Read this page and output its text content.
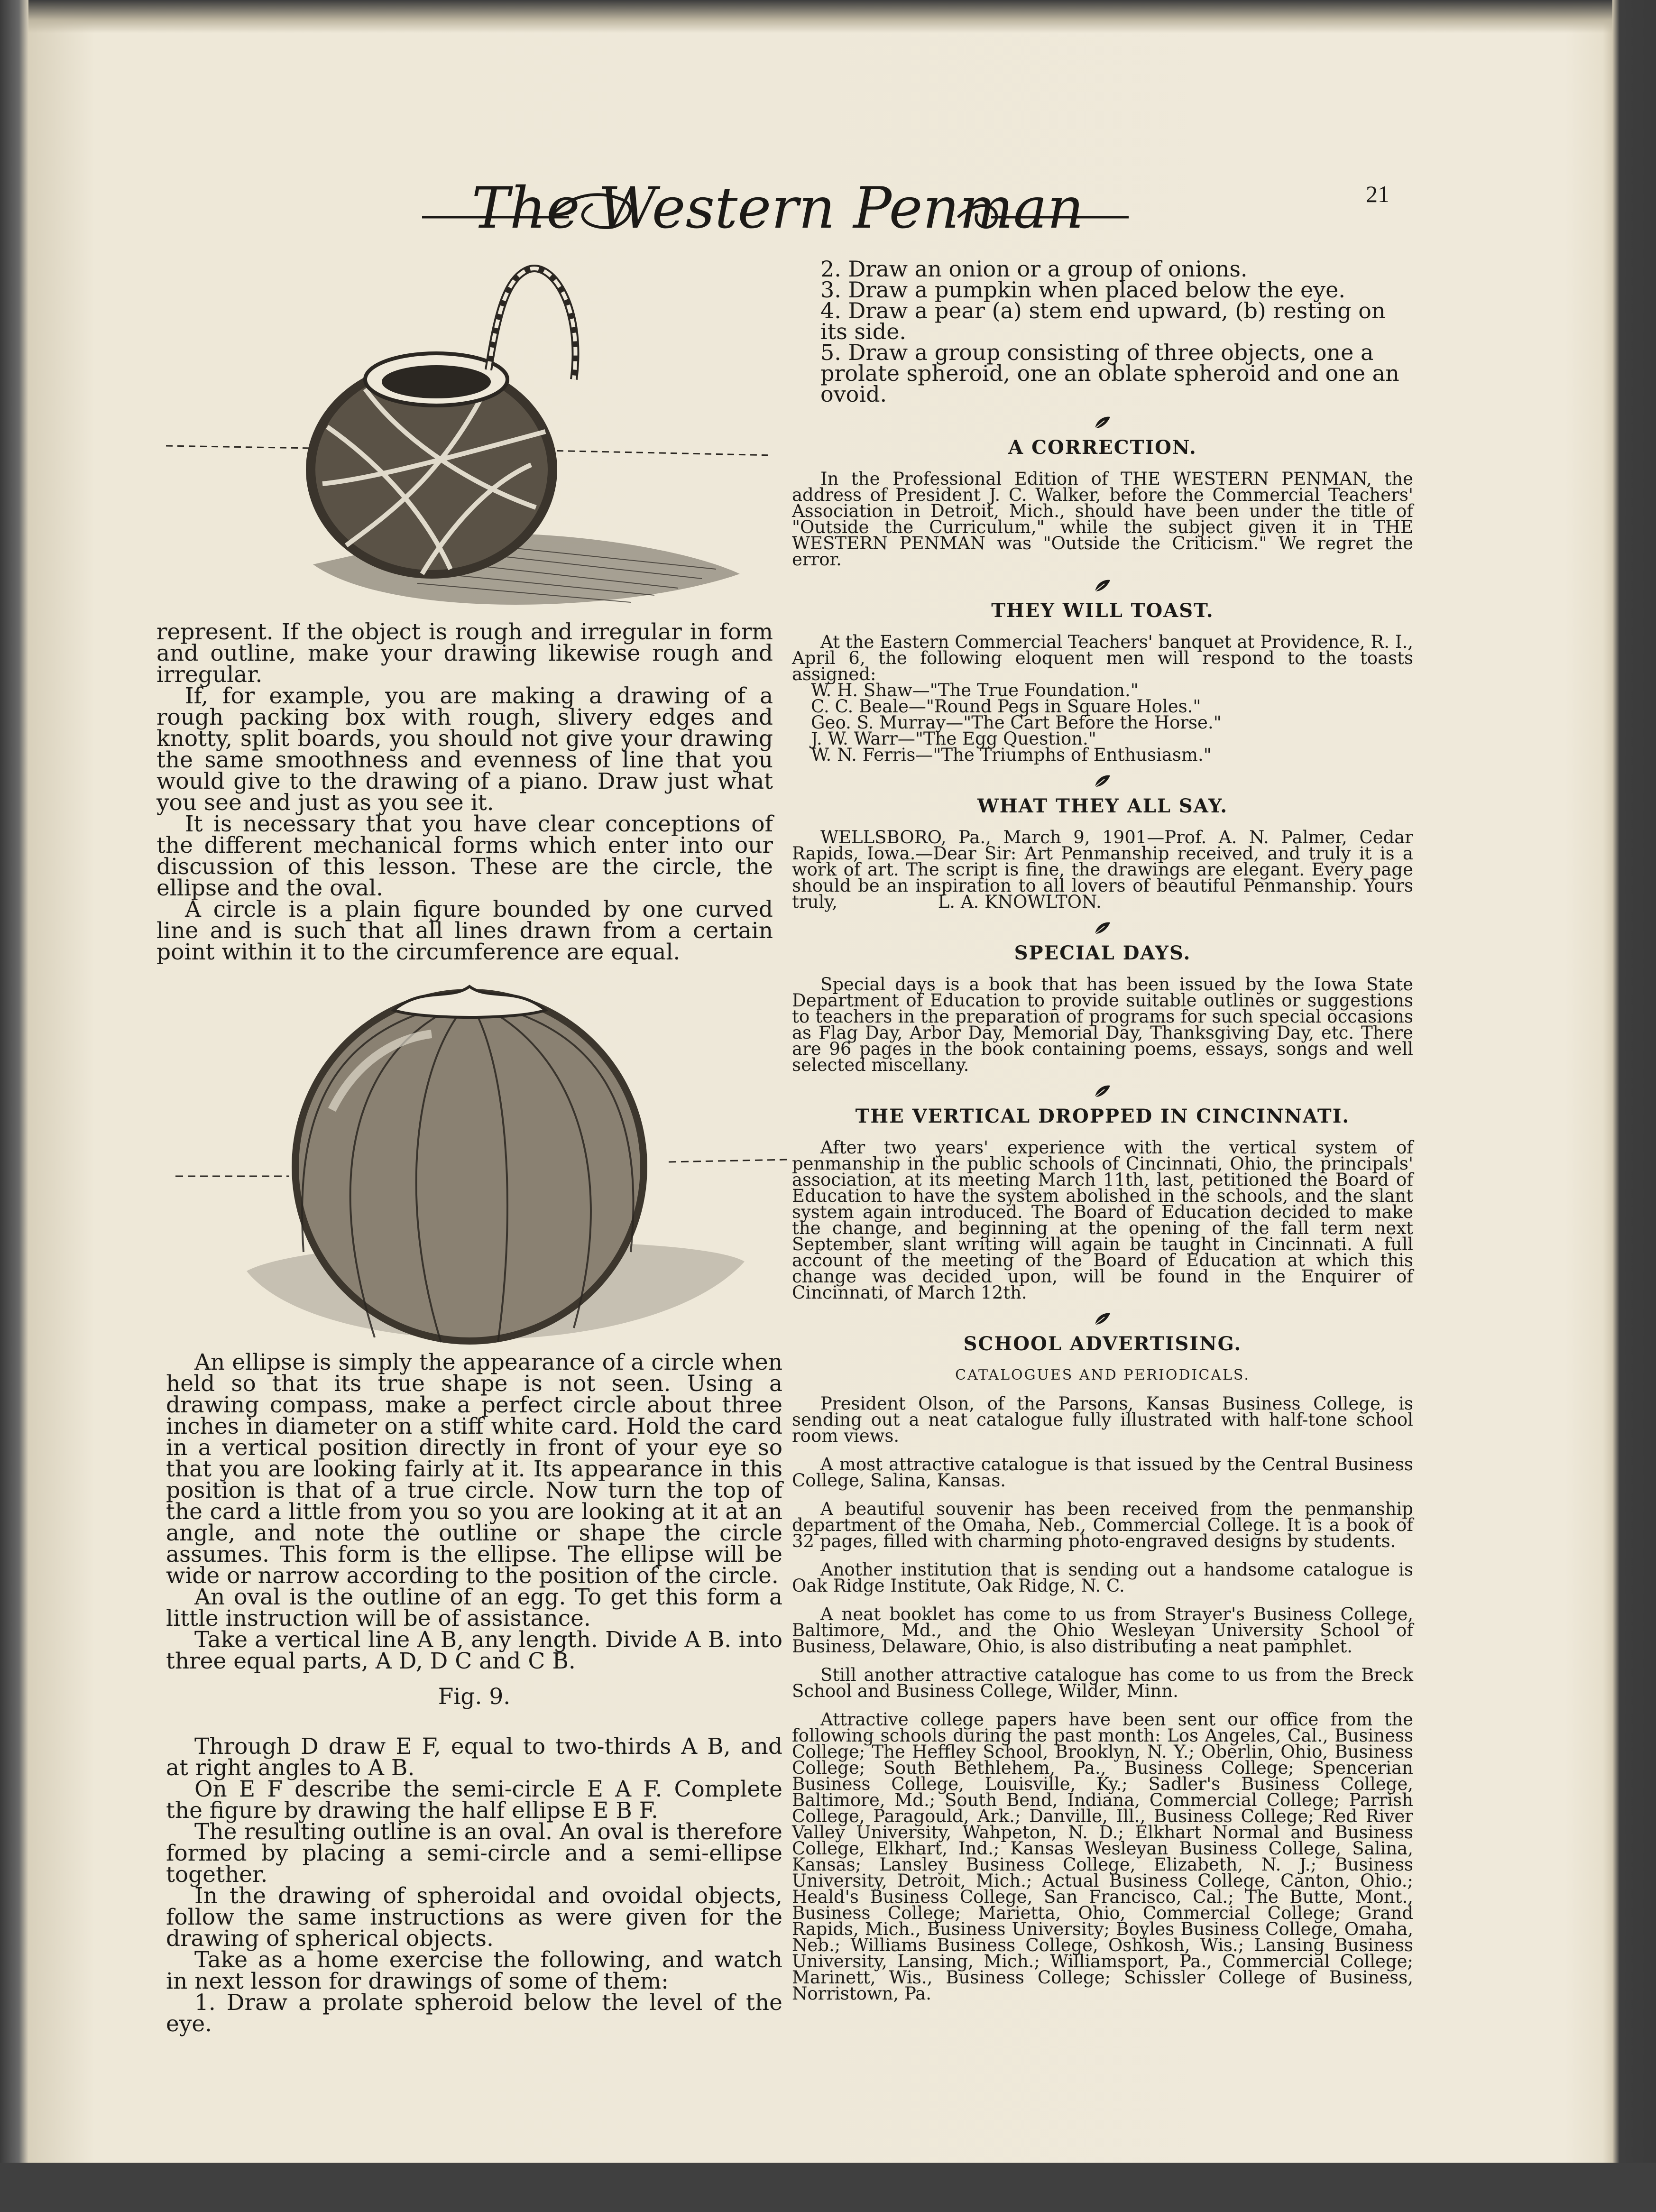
The Western Penman	21

represent. If the object is rough and irregular in form and outline, make your drawing likewise rough and irregular.

If, for example, you are making a drawing of a rough packing box with rough, slivery edges and knotty, split boards, you should not give your drawing the same smoothness and evenness of line that you would give to the drawing of a piano. Draw just what you see and just as you see it.

It is necessary that you have clear conceptions of the different mechanical forms which enter into our discussion of this lesson. These are the circle, the ellipse and the oval.

A circle is a plain figure bounded by one curved line and is such that all lines drawn from a certain point within it to the circumference are equal.

An ellipse is simply the appearance of a circle when held so that its true shape is not seen. Using a drawing compass, make a perfect circle about three inches in diameter on a stiff white card. Hold the card in a vertical position directly in front of your eye so that you are looking fairly at it. Its appearance in this position is that of a true circle. Now turn the top of the card a little from you so you are looking at it at an angle, and note the outline or shape the circle assumes. This form is the ellipse. The ellipse will be wide or narrow according to the position of the circle.

An oval is the outline of an egg. To get this form a little instruction will be of assistance.

Take a vertical line A B, any length. Divide A B. into three equal parts, A D, D C and C B.

Fig. 9.

Through D draw E F, equal to two-thirds A B, and at right angles to A B.

On E F describe the semi-circle E A F. Complete the figure by drawing the half ellipse E B F.

The resulting outline is an oval. An oval is therefore formed by placing a semi-circle and a semi-ellipse together.

In the drawing of spheroidal and ovoidal objects, follow the same instructions as were given for the drawing of spherical objects.

Take as a home exercise the following, and watch in next lesson for drawings of some of them:

1. Draw a prolate spheroid below the level of the eye.

2. Draw an onion or a group of onions.

3. Draw a pumpkin when placed below the eye.

4. Draw a pear (a) stem end upward, (b) resting on its side.

5. Draw a group consisting of three objects, one a prolate spheroid, one an oblate spheroid and one an ovoid.

A CORRECTION.

In the Professional Edition of THE WESTERN PENMAN, the address of President J. C. Walker, before the Commercial Teachers' Association in Detroit, Mich., should have been under the title of "Outside the Curriculum," while the subject given it in THE WESTERN PENMAN was "Outside the Criticism." We regret the error.

THEY WILL TOAST.

At the Eastern Commercial Teachers' banquet at Providence, R. I., April 6, the following eloquent men will respond to the toasts assigned:

W. H. Shaw—"The True Foundation."

C. C. Beale—"Round Pegs in Square Holes."

Geo. S. Murray—"The Cart Before the Horse."

J. W. Warr—"The Egg Question."

W. N. Ferris—"The Triumphs of Enthusiasm."

WHAT THEY ALL SAY.

WELLSBORO, Pa., March 9, 1901—Prof. A. N. Palmer, Cedar Rapids, Iowa.—Dear Sir: Art Penmanship received, and truly it is a work of art. The script is fine, the drawings are elegant. Every page should be an inspiration to all lovers of beautiful Penmanship. Yours truly,	L. A. KNOWLTON.

SPECIAL DAYS.

Special days is a book that has been issued by the Iowa State Department of Education to provide suitable outlines or suggestions to teachers in the preparation of programs for such special occasions as Flag Day, Arbor Day, Memorial Day, Thanksgiving Day, etc. There are 96 pages in the book containing poems, essays, songs and well selected miscellany.

THE VERTICAL DROPPED IN CINCINNATI.

After two years' experience with the vertical system of penmanship in the public schools of Cincinnati, Ohio, the principals' association, at its meeting March 11th, last, petitioned the Board of Education to have the system abolished in the schools, and the slant system again introduced. The Board of Education decided to make the change, and beginning at the opening of the fall term next September, slant writing will again be taught in Cincinnati. A full account of the meeting of the Board of Education at which this change was decided upon, will be found in the Enquirer of Cincinnati, of March 12th.

SCHOOL ADVERTISING.

CATALOGUES AND PERIODICALS.

President Olson, of the Parsons, Kansas Business College, is sending out a neat catalogue fully illustrated with half-tone school room views.

A most attractive catalogue is that issued by the Central Business College, Salina, Kansas.

A beautiful souvenir has been received from the penmanship department of the Omaha, Neb., Commercial College. It is a book of 32 pages, filled with charming photo-engraved designs by students.

Another institution that is sending out a handsome catalogue is Oak Ridge Institute, Oak Ridge, N. C.

A neat booklet has come to us from Strayer's Business College, Baltimore, Md., and the Ohio Wesleyan University School of Business, Delaware, Ohio, is also distributing a neat pamphlet.

Still another attractive catalogue has come to us from the Breck School and Business College, Wilder, Minn.

Attractive college papers have been sent our office from the following schools during the past month: Los Angeles, Cal., Business College; The Heffley School, Brooklyn, N. Y.; Oberlin, Ohio, Business College; South Bethlehem, Pa., Business College; Spencerian Business College, Louisville, Ky.; Sadler's Business College, Baltimore, Md.; South Bend, Indiana, Commercial College; Parrish College, Paragould, Ark.; Danville, Ill., Business College; Red River Valley University, Wahpeton, N. D.; Elkhart Normal and Business College, Elkhart, Ind.; Kansas Wesleyan Business College, Salina, Kansas; Lansley Business College, Elizabeth, N. J.; Business University, Detroit, Mich.; Actual Business College, Canton, Ohio.; Heald's Business College, San Francisco, Cal.; The Butte, Mont., Business College; Marietta, Ohio, Commercial College; Grand Rapids, Mich., Business University; Boyles Business College, Omaha, Neb.; Williams Business College, Oshkosh, Wis.; Lansing Business University, Lansing, Mich.; Williamsport, Pa., Commercial College; Marinett, Wis., Business College; Schissler College of Business, Norristown, Pa.
